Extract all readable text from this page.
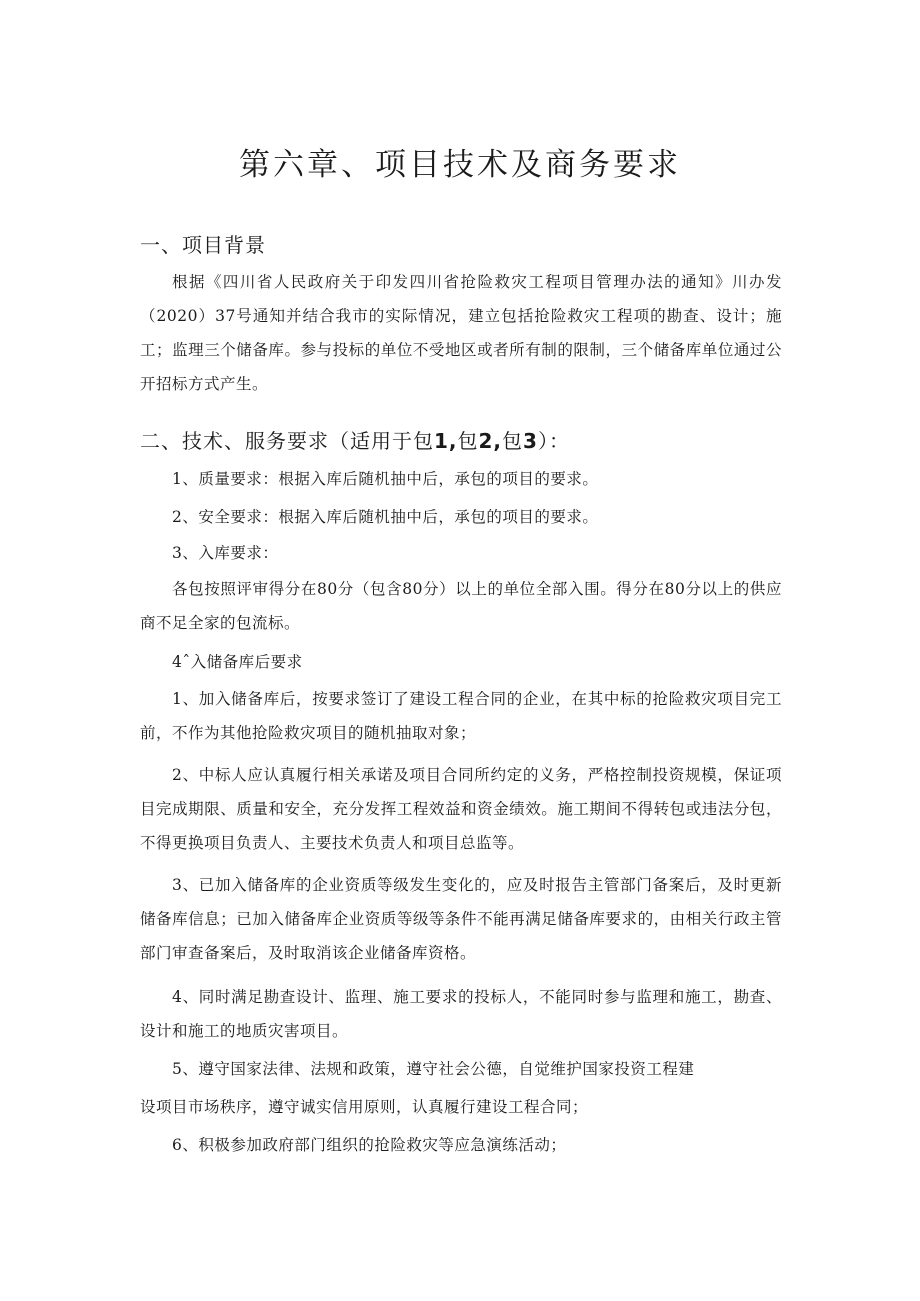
第六章、项目技术及商务要求
一、项目背景

根据《四川省人民政府关于印发四川省抢险救灾工程项目管理办法的通知》川办发（2020）37号通知并结合我市的实际情况，建立包括抢险救灾工程项的勘查、设计；施工；监理三个储备库。参与投标的单位不受地区或者所有制的限制，三个储备库单位通过公开招标方式产生。

二、技术、服务要求（适用于包1,包2,包3）：

1、质量要求：根据入库后随机抽中后，承包的项目的要求。

2、安全要求：根据入库后随机抽中后，承包的项目的要求。

3、入库要求：

各包按照评审得分在80分（包含80分）以上的单位全部入围。得分在80分以上的供应商不足全家的包流标。

4ˆ入储备库后要求

1、加入储备库后，按要求签订了建设工程合同的企业，在其中标的抢险救灾项目完工前，不作为其他抢险救灾项目的随机抽取对象；

2、中标人应认真履行相关承诺及项目合同所约定的义务，严格控制投资规模，保证项目完成期限、质量和安全，充分发挥工程效益和资金绩效。施工期间不得转包或违法分包，不得更换项目负责人、主要技术负责人和项目总监等。

3、已加入储备库的企业资质等级发生变化的，应及时报告主管部门备案后，及时更新储备库信息；已加入储备库企业资质等级等条件不能再满足储备库要求的，由相关行政主管部门审查备案后，及时取消该企业储备库资格。

4、同时满足勘查设计、监理、施工要求的投标人，不能同时参与监理和施工，勘查、设计和施工的地质灾害项目。

5、遵守国家法律、法规和政策，遵守社会公德，自觉维护国家投资工程建

设项目市场秩序，遵守诚实信用原则，认真履行建设工程合同；

6、积极参加政府部门组织的抢险救灾等应急演练活动；
